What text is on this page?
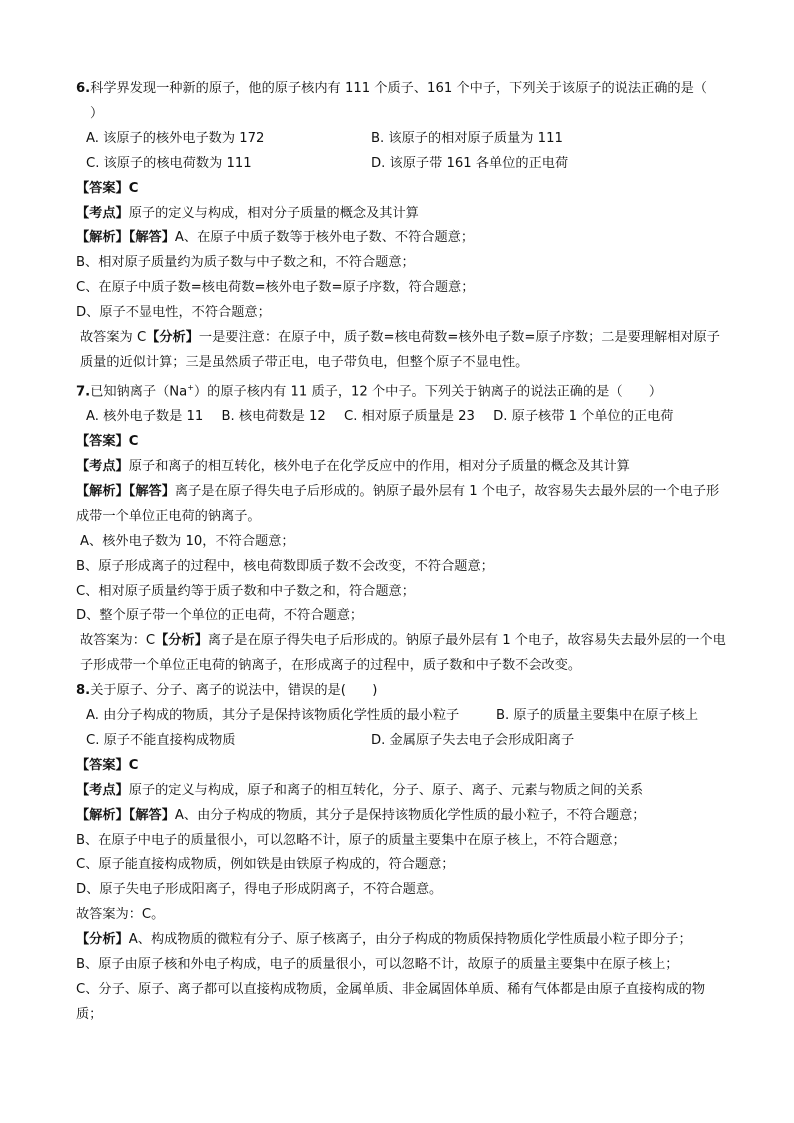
6.科学界发现一种新的原子，他的原子核内有 111 个质子、161 个中子，下列关于该原子的说法正确的是（
）
A. 该原子的核外电子数为 172	B. 该原子的相对原子质量为 111
C. 该原子的核电荷数为 111	D. 该原子带 161 各单位的正电荷
【答案】C
【考点】原子的定义与构成，相对分子质量的概念及其计算
【解析】【解答】A、在原子中质子数等于核外电子数、不符合题意；
B、相对原子质量约为质子数与中子数之和，不符合题意；
C、在原子中质子数=核电荷数=核外电子数=原子序数，符合题意；
D、原子不显电性，不符合题意；
故答案为 C【分析】一是要注意：在原子中，质子数=核电荷数=核外电子数=原子序数；二是要理解相对原子质量的近似计算；三是虽然质子带正电，电子带负电，但整个原子不显电性。
7.已知钠离子（Na+）的原子核内有 11 质子，12 个中子。下列关于钠离子的说法正确的是（　　）
A. 核外电子数是 11 B. 核电荷数是 12 C. 相对原子质量是 23 D. 原子核带 1 个单位的正电荷
【答案】C
【考点】原子和离子的相互转化，核外电子在化学反应中的作用，相对分子质量的概念及其计算
【解析】【解答】离子是在原子得失电子后形成的。钠原子最外层有 1 个电子，故容易失去最外层的一个电子形成带一个单位正电荷的钠离子。
A、核外电子数为 10，不符合题意；
B、原子形成离子的过程中，核电荷数即质子数不会改变，不符合题意；
C、相对原子质量约等于质子数和中子数之和，符合题意；
D、整个原子带一个单位的正电荷，不符合题意；
故答案为：C【分析】离子是在原子得失电子后形成的。钠原子最外层有 1 个电子，故容易失去最外层的一个电子形成带一个单位正电荷的钠离子，在形成离子的过程中，质子数和中子数不会改变。
8.关于原子、分子、离子的说法中，错误的是(　　)
A. 由分子构成的物质，其分子是保持该物质化学性质的最小粒子	B. 原子的质量主要集中在原子核上
C. 原子不能直接构成物质	D. 金属原子失去电子会形成阳离子
【答案】C
【考点】原子的定义与构成，原子和离子的相互转化，分子、原子、离子、元素与物质之间的关系
【解析】【解答】A、由分子构成的物质，其分子是保持该物质化学性质的最小粒子，不符合题意；
B、在原子中电子的质量很小，可以忽略不计，原子的质量主要集中在原子核上，不符合题意；
C、原子能直接构成物质，例如铁是由铁原子构成的，符合题意；
D、原子失电子形成阳离子，得电子形成阴离子，不符合题意。
故答案为：C。
【分析】A、构成物质的微粒有分子、原子核离子，由分子构成的物质保持物质化学性质最小粒子即分子；
B、原子由原子核和外电子构成，电子的质量很小，可以忽略不计，故原子的质量主要集中在原子核上；
C、分子、原子、离子都可以直接构成物质，金属单质、非金属固体单质、稀有气体都是由原子直接构成的物质；
